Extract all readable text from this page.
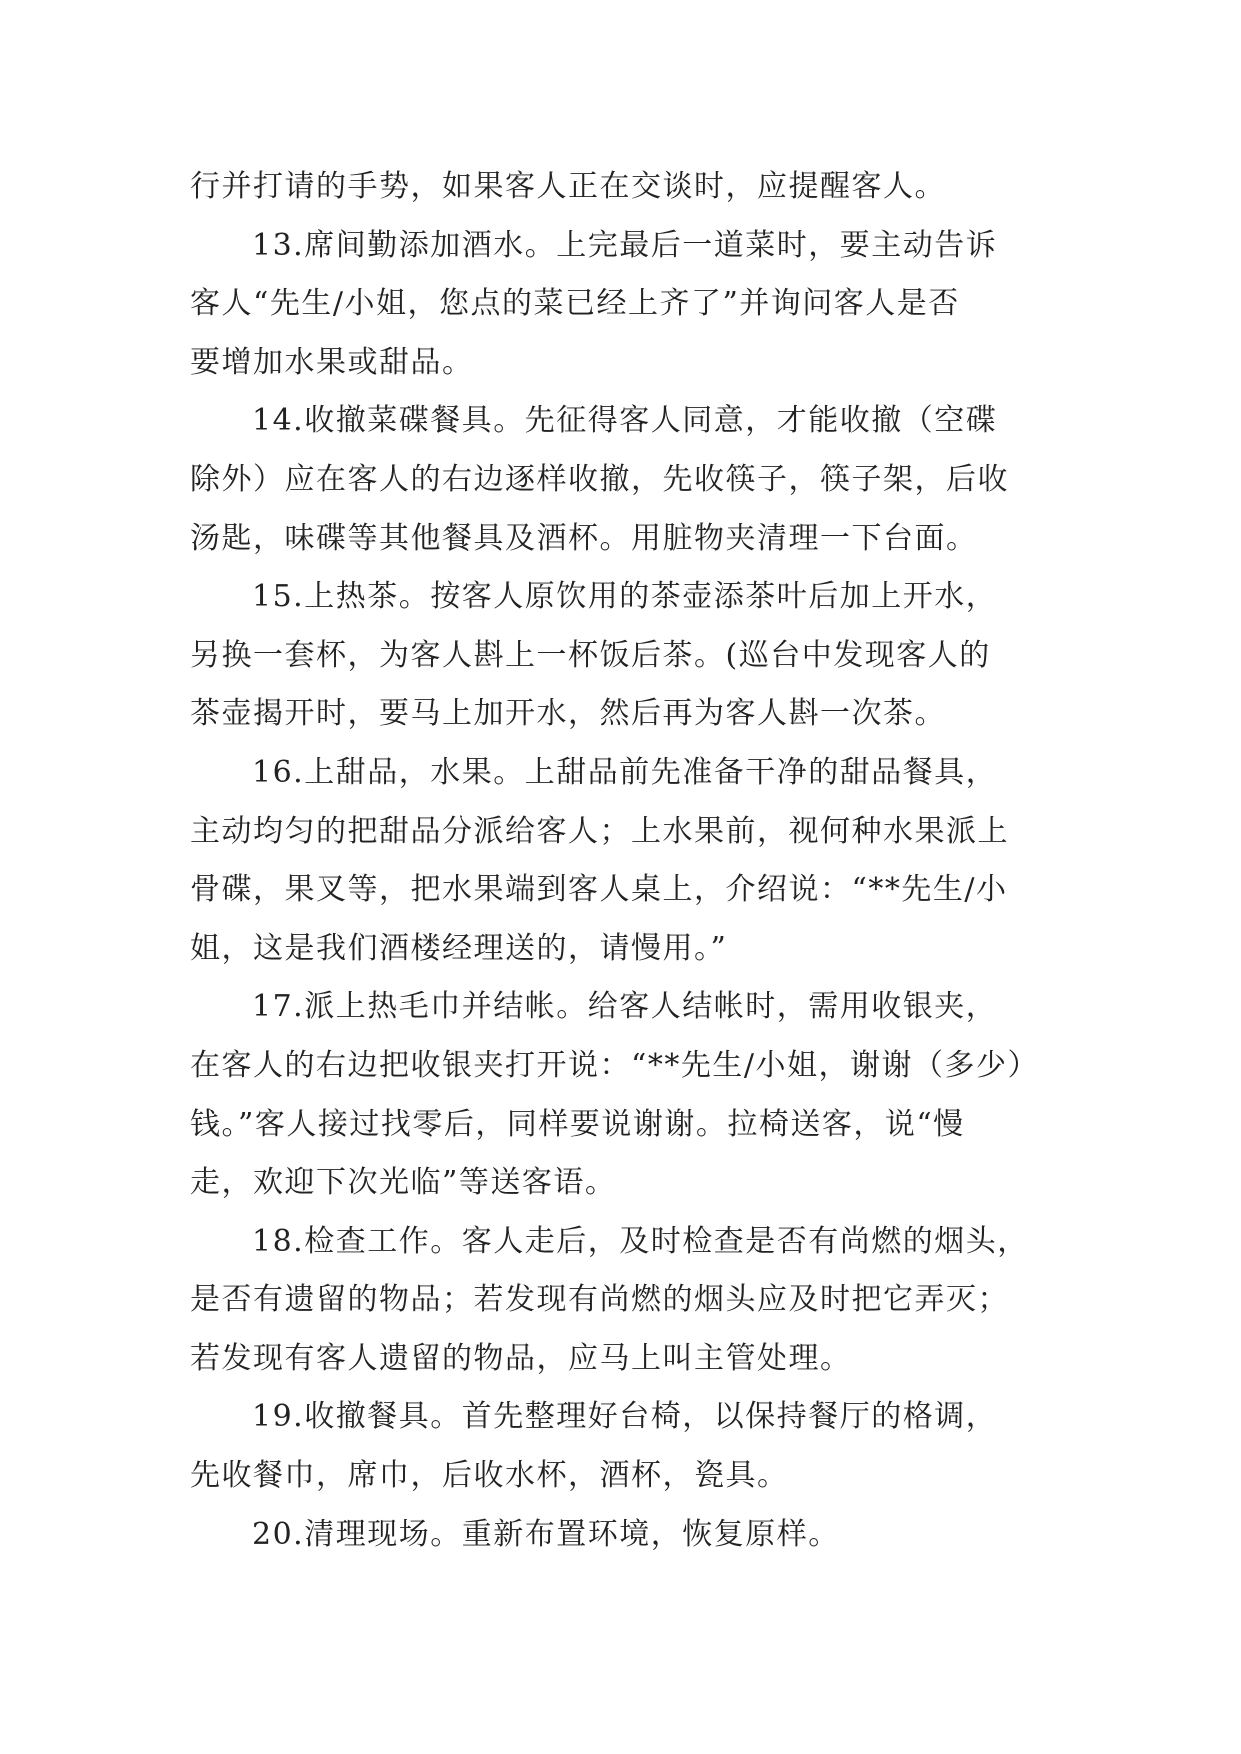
行并打请的手势，如果客人正在交谈时，应提醒客人。
13.席间勤添加酒水。上完最后一道菜时，要主动告诉
客人“先生/小姐，您点的菜已经上齐了”并询问客人是否
要增加水果或甜品。
14.收撤菜碟餐具。先征得客人同意，才能收撤（空碟
除外）应在客人的右边逐样收撤，先收筷子，筷子架，后收
汤匙，味碟等其他餐具及酒杯。用脏物夹清理一下台面。
15.上热茶。按客人原饮用的茶壶添茶叶后加上开水，
另换一套杯，为客人斟上一杯饭后茶。(巡台中发现客人的
茶壶揭开时，要马上加开水，然后再为客人斟一次茶。
16.上甜品，水果。上甜品前先准备干净的甜品餐具，
主动均匀的把甜品分派给客人；上水果前，视何种水果派上
骨碟，果叉等，把水果端到客人桌上，介绍说：“**先生/小
姐，这是我们酒楼经理送的，请慢用。”
17.派上热毛巾并结帐。给客人结帐时，需用收银夹，
在客人的右边把收银夹打开说：“**先生/小姐，谢谢（多少）
钱。”客人接过找零后，同样要说谢谢。拉椅送客，说“慢
走，欢迎下次光临”等送客语。
18.检查工作。客人走后，及时检查是否有尚燃的烟头，
是否有遗留的物品；若发现有尚燃的烟头应及时把它弄灭；
若发现有客人遗留的物品，应马上叫主管处理。
19.收撤餐具。首先整理好台椅，以保持餐厅的格调，
先收餐巾，席巾，后收水杯，酒杯，瓷具。
20.清理现场。重新布置环境，恢复原样。
